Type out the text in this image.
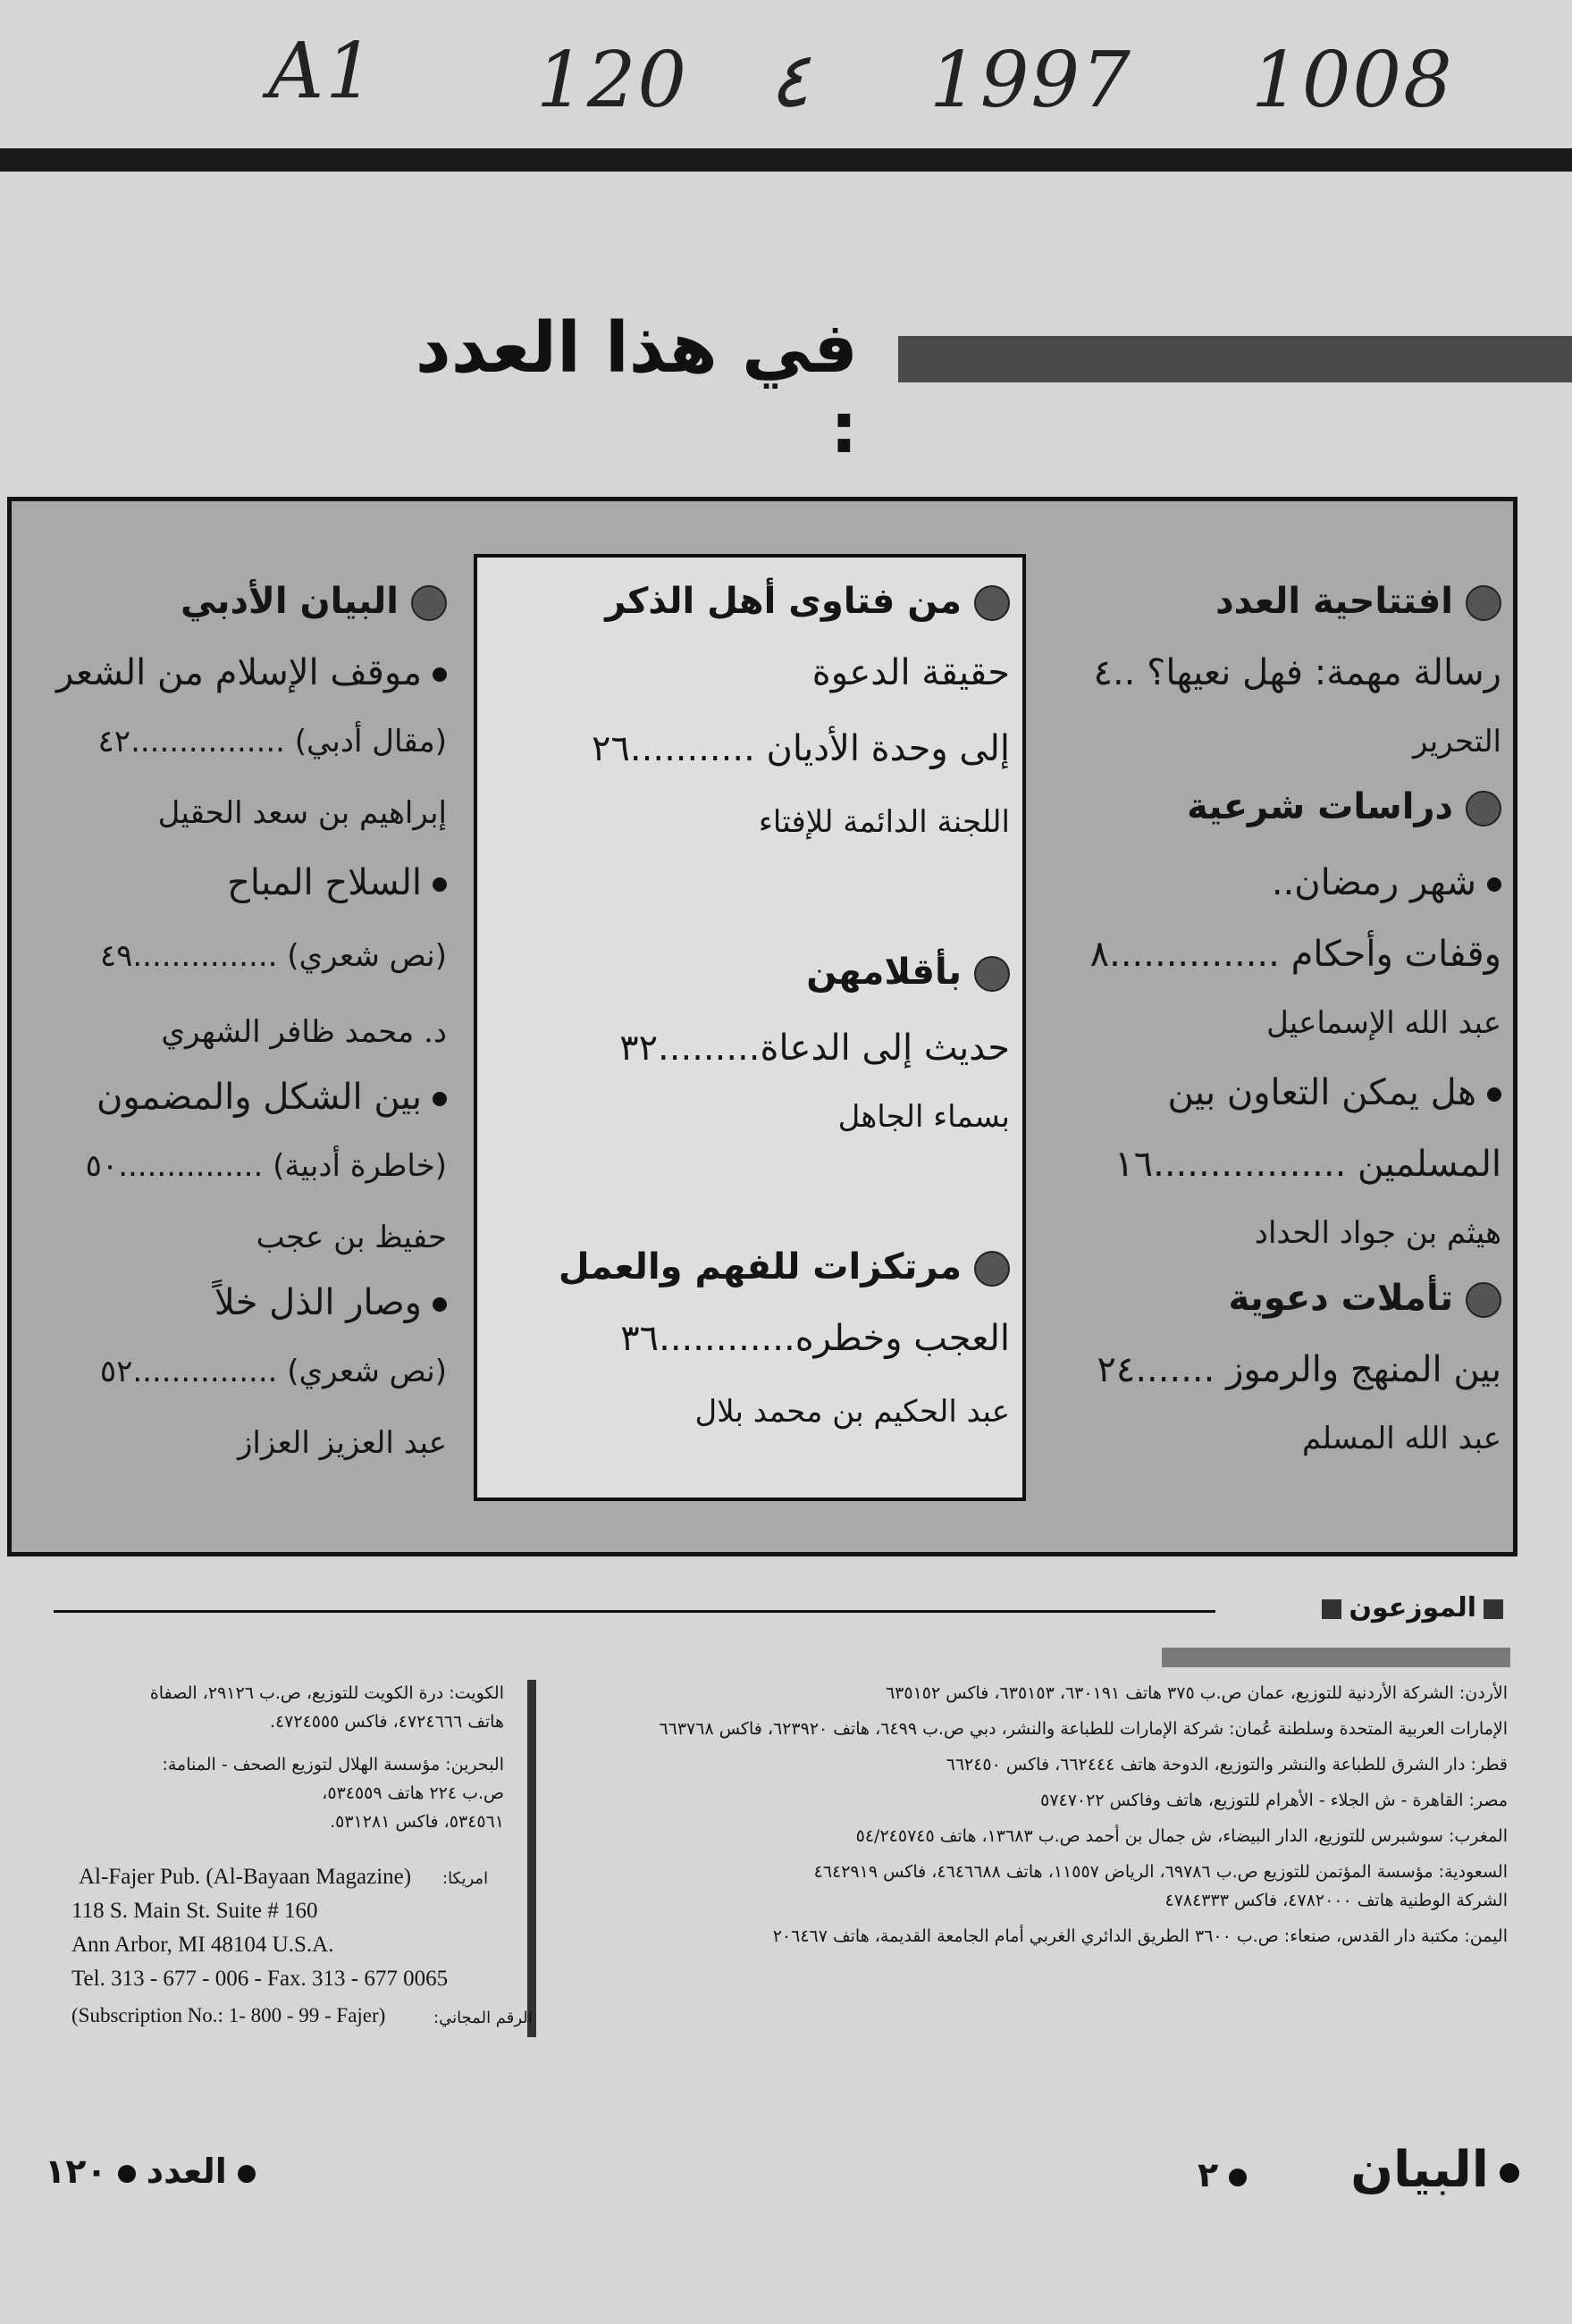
A1 120 ٤ 1997 1008
في هذا العدد :
افتتاحية العدد
رسالة مهمة: فهل نعيها؟ ..٤
التحرير
دراسات شرعية
شهر رمضان..
وقفات وأحكام ...............٨
عبد الله الإسماعيل
هل يمكن التعاون بين
المسلمين .................١٦
هيثم بن جواد الحداد
تأملات دعوية
بين المنهج والرموز .......٢٤
عبد الله المسلم
من فتاوى أهل الذكر
حقيقة الدعوة
إلى وحدة الأديان ...........٢٦
اللجنة الدائمة للإفتاء
بأقلامهن
حديث إلى الدعاة.........٣٢
بسماء الجاهل
مرتكزات للفهم والعمل
العجب وخطره............٣٦
عبد الحكيم بن محمد بلال
البيان الأدبي
موقف الإسلام من الشعر
(مقال أدبي) ................٤٢
إبراهيم بن سعد الحقيل
السلاح المباح
(نص شعري) ...............٤٩
د. محمد ظافر الشهري
بين الشكل والمضمون
(خاطرة أدبية) ...............٥٠
حفيظ بن عجب
وصار الذل خلاً
(نص شعري) ...............٥٢
عبد العزيز العزاز
الموزعون
الأردن: الشركة الأردنية للتوزيع، عمان ص.ب ٣٧٥ هاتف ٦٣٠١٩١، ٦٣٥١٥٣، فاكس ٦٣٥١٥٢
الإمارات العربية المتحدة وسلطنة عُمان: شركة الإمارات للطباعة والنشر، دبي ص.ب ٦٤٩٩، هاتف ٦٢٣٩٢٠، فاكس ٦٦٣٧٦٨
قطر: دار الشرق للطباعة والنشر والتوزيع، الدوحة هاتف ٦٦٢٤٤٤، فاكس ٦٦٢٤٥٠
مصر: القاهرة - ش الجلاء - الأهرام للتوزيع، هاتف وفاكس ٥٧٤٧٠٢٢
المغرب: سوشبرس للتوزيع، الدار البيضاء، ش جمال بن أحمد ص.ب ١٣٦٨٣، هاتف ٥٤/٢٤٥٧٤٥
السعودية: مؤسسة المؤتمن للتوزيع ص.ب ٦٩٧٨٦، الرياض ١١٥٥٧، هاتف ٤٦٤٦٦٨٨، فاكس ٤٦٤٢٩١٩
الشركة الوطنية هاتف ٤٧٨٢٠٠٠، فاكس ٤٧٨٤٣٣٣
اليمن: مكتبة دار القدس، صنعاء: ص.ب ٣٦٠٠ الطريق الدائري الغربي أمام الجامعة القديمة، هاتف ٢٠٦٤٦٧
الكويت: درة الكويت للتوزيع، ص.ب ٢٩١٢٦، الصفاة
هاتف ٤٧٢٤٦٦٦، فاكس ٤٧٢٤٥٥٥.
البحرين: مؤسسة الهلال لتوزيع الصحف - المنامة:
ص.ب ٢٢٤ هاتف ٥٣٤٥٥٩،
٥٣٤٥٦١، فاكس ٥٣١٢٨١.
امريكا:
Al-Fajer Pub. (Al-Bayaan Magazine)
118 S. Main St. Suite # 160
Ann Arbor, MI 48104 U.S.A.
Tel. 313 - 677 - 006 - Fax. 313 - 677 0065
الرقم المجاني:
(Subscription No.: 1- 800 - 99 - Fajer)
البيان
٢
العدد١٢٠
